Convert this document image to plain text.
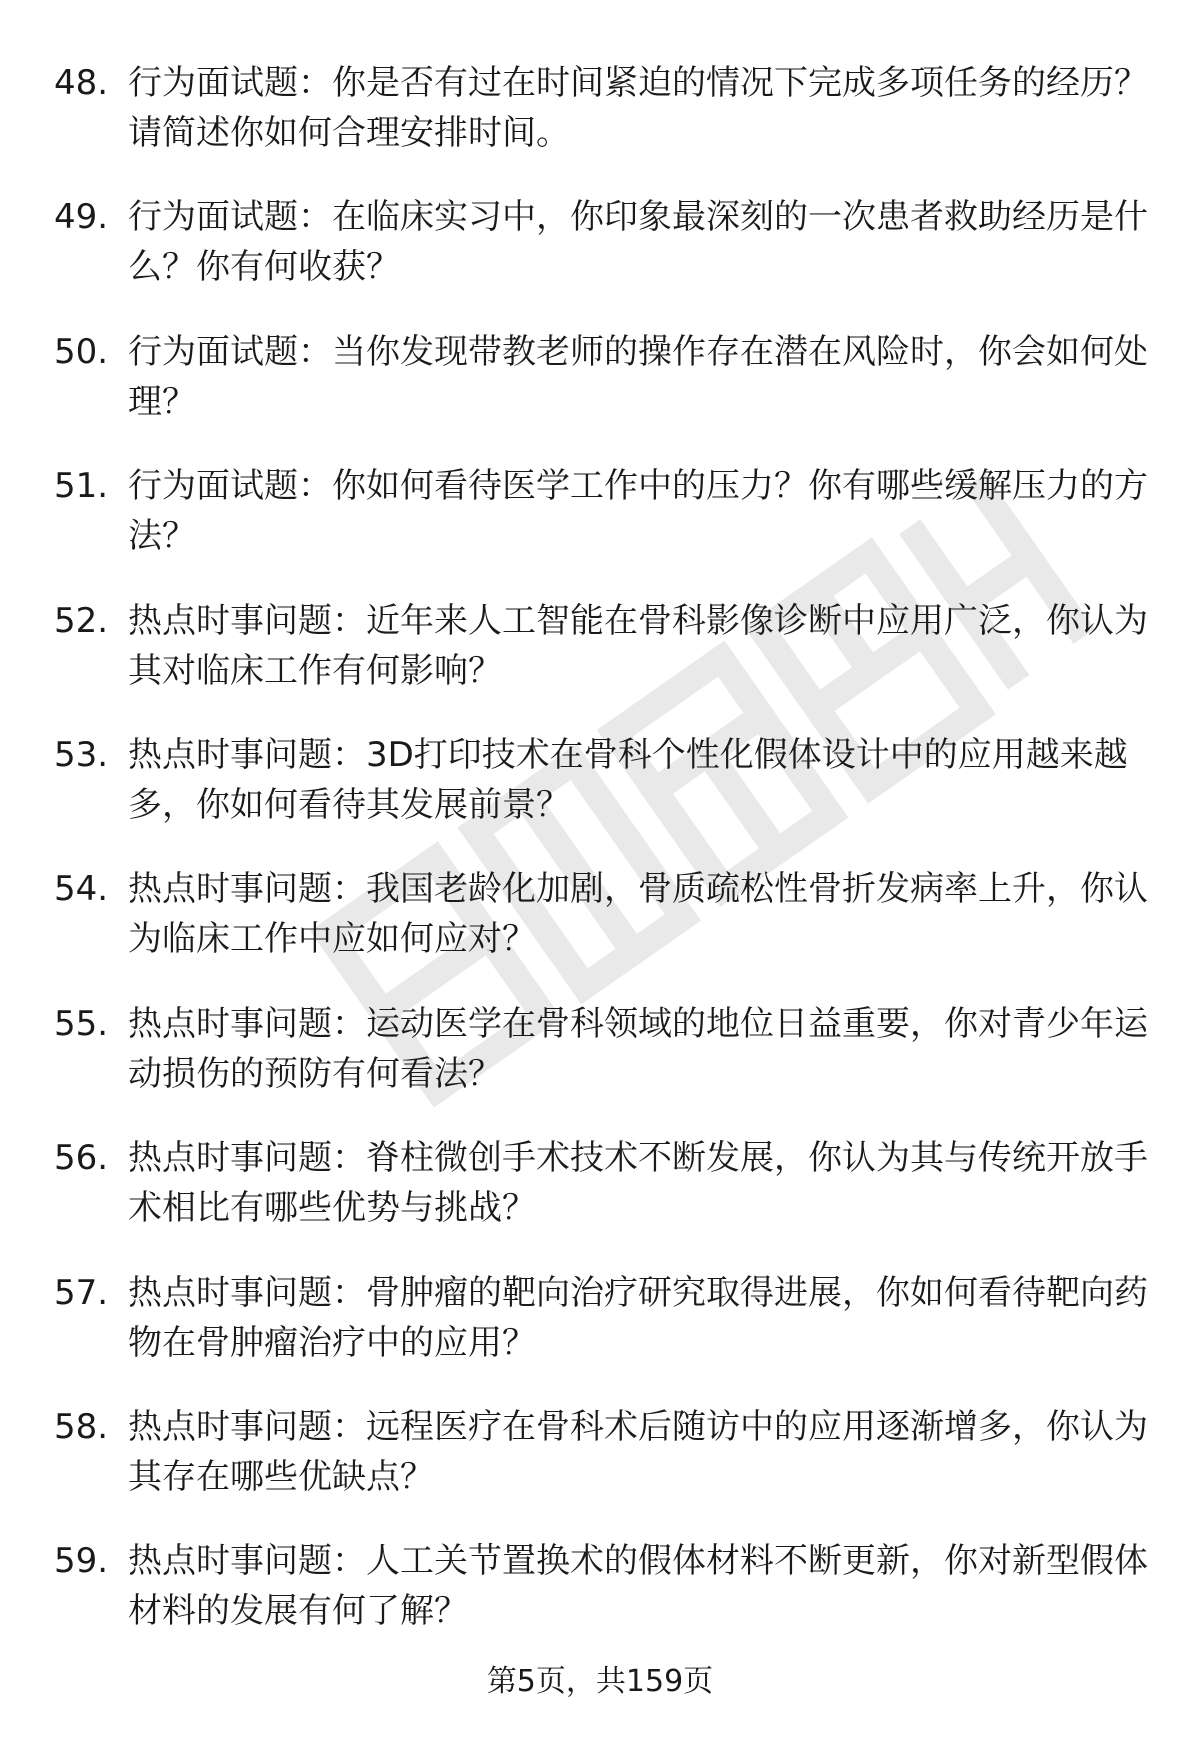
48. 行为面试题：你是否有过在时间紧迫的情况下完成多项任务的经历？请简述你如何合理安排时间。

49. 行为面试题：在临床实习中，你印象最深刻的一次患者救助经历是什么？你有何收获？

50. 行为面试题：当你发现带教老师的操作存在潜在风险时，你会如何处理？

51. 行为面试题：你如何看待医学工作中的压力？你有哪些缓解压力的方法？

52. 热点时事问题：近年来人工智能在骨科影像诊断中应用广泛，你认为其对临床工作有何影响？

53. 热点时事问题：3D打印技术在骨科个性化假体设计中的应用越来越多，你如何看待其发展前景？

54. 热点时事问题：我国老龄化加剧，骨质疏松性骨折发病率上升，你认为临床工作中应如何应对？

55. 热点时事问题：运动医学在骨科领域的地位日益重要，你对青少年运动损伤的预防有何看法？

56. 热点时事问题：脊柱微创手术技术不断发展，你认为其与传统开放手术相比有哪些优势与挑战？

57. 热点时事问题：骨肿瘤的靶向治疗研究取得进展，你如何看待靶向药物在骨肿瘤治疗中的应用？

58. 热点时事问题：远程医疗在骨科术后随访中的应用逐渐增多，你认为其存在哪些优缺点？

59. 热点时事问题：人工关节置换术的假体材料不断更新，你对新型假体材料的发展有何了解？

第5页，共159页
